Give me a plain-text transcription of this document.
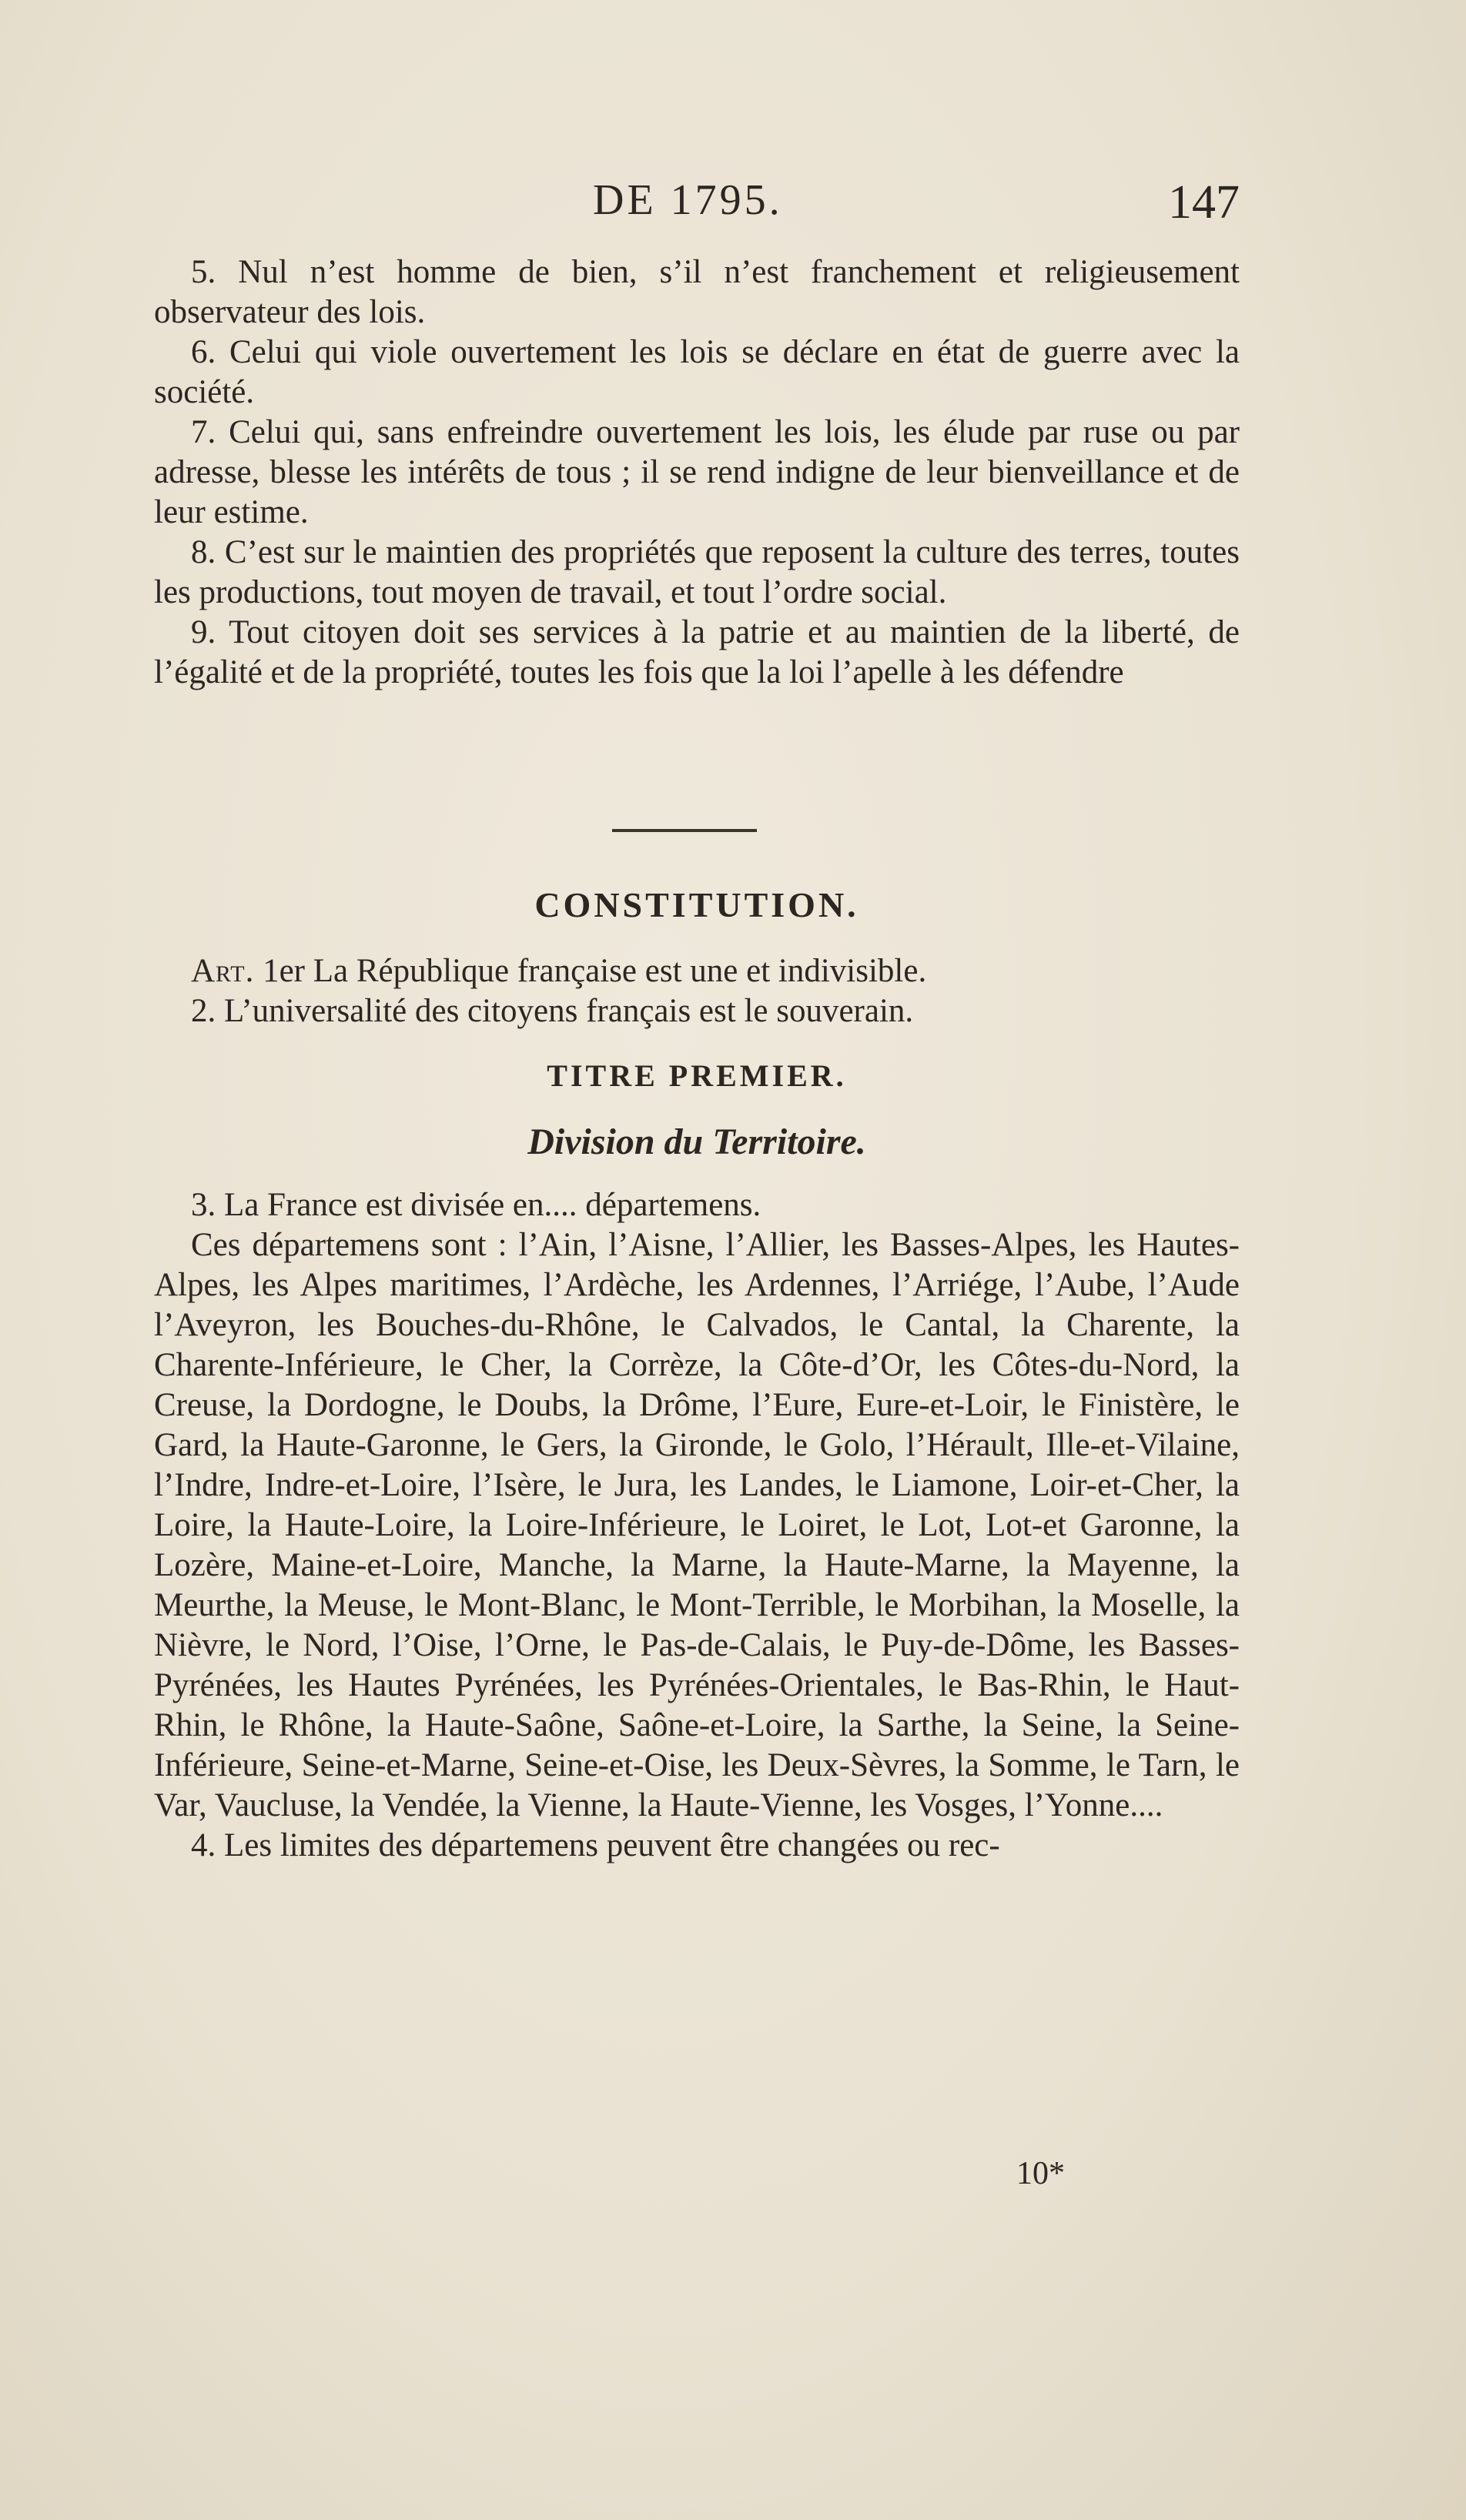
DE 1795.	147

5. Nul n’est homme de bien, s’il n’est franchement et religieusement observateur des lois.

6. Celui qui viole ouvertement les lois se déclare en état de guerre avec la société.

7. Celui qui, sans enfreindre ouvertement les lois, les élude par ruse ou par adresse, blesse les intérêts de tous ; il se rend indigne de leur bienveillance et de leur estime.

8. C’est sur le maintien des propriétés que reposent la culture des terres, toutes les productions, tout moyen de travail, et tout l’ordre social.

9. Tout citoyen doit ses services à la patrie et au maintien de la liberté, de l’égalité et de la propriété, toutes les fois que la loi l’apelle à les défendre

CONSTITUTION.

Art. 1er La République française est une et indivisible.

2. L’universalité des citoyens français est le souverain.

TITRE PREMIER.

Division du Territoire.

3. La France est divisée en.... départemens.

Ces départemens sont : l’Ain, l’Aisne, l’Allier, les Basses-Alpes, les Hautes-Alpes, les Alpes maritimes, l’Ardèche, les Ardennes, l’Arriége, l’Aube, l’Aude l’Aveyron, les Bouches-du-Rhône, le Calvados, le Cantal, la Charente, la Charente-Inférieure, le Cher, la Corrèze, la Côte-d’Or, les Côtes-du-Nord, la Creuse, la Dordogne, le Doubs, la Drôme, l’Eure, Eure-et-Loir, le Finistère, le Gard, la Haute-Garonne, le Gers, la Gironde, le Golo, l’Hérault, Ille-et-Vilaine, l’Indre, Indre-et-Loire, l’Isère, le Jura, les Landes, le Liamone, Loir-et-Cher, la Loire, la Haute-Loire, la Loire-Inférieure, le Loiret, le Lot, Lot-et Garonne, la Lozère, Maine-et-Loire, Manche, la Marne, la Haute-Marne, la Mayenne, la Meurthe, la Meuse, le Mont-Blanc, le Mont-Terrible, le Morbihan, la Moselle, la Nièvre, le Nord, l’Oise, l’Orne, le Pas-de-Calais, le Puy-de-Dôme, les Basses-Pyrénées, les Hautes Pyrénées, les Pyrénées-Orientales, le Bas-Rhin, le Haut-Rhin, le Rhône, la Haute-Saône, Saône-et-Loire, la Sarthe, la Seine, la Seine-Inférieure, Seine-et-Marne, Seine-et-Oise, les Deux-Sèvres, la Somme, le Tarn, le Var, Vaucluse, la Vendée, la Vienne, la Haute-Vienne, les Vosges, l’Yonne....

4. Les limites des départemens peuvent être changées ou rec-

10*
